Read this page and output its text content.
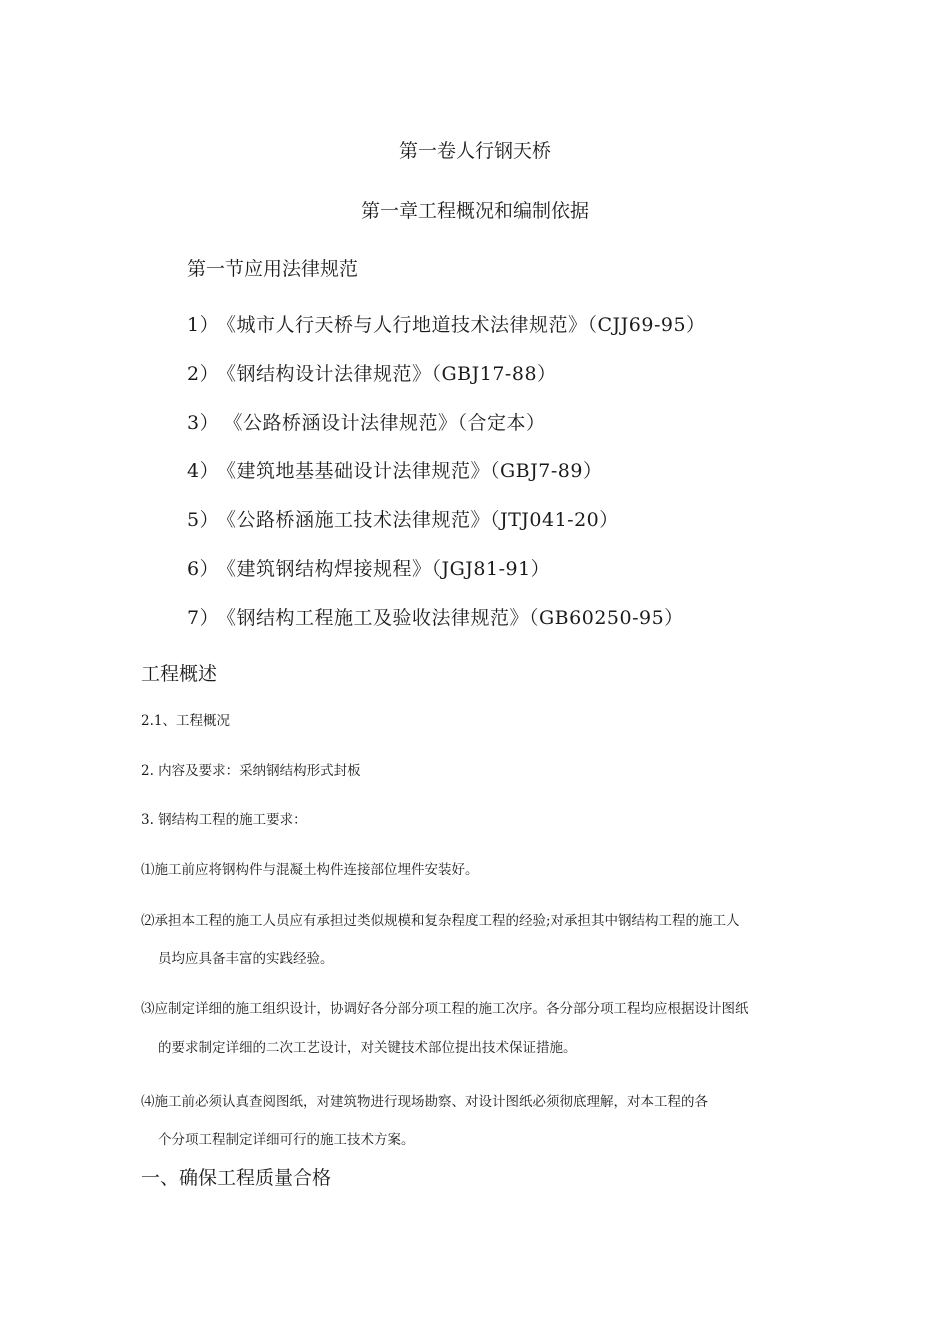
第一卷人行钢天桥
第一章工程概况和编制依据
第一节应用法律规范
1）《城市人行天桥与人行地道技术法律规范》（CJJ69-95）
2）《钢结构设计法律规范》（GBJ17-88）
3） 《公路桥涵设计法律规范》（合定本）
4）《建筑地基基础设计法律规范》（GBJ7-89）
5）《公路桥涵施工技术法律规范》（JTJ041-20）
6）《建筑钢结构焊接规程》（JGJ81-91）
7）《钢结构工程施工及验收法律规范》（GB60250-95）
工程概述
2.1、工程概况
2. 内容及要求：采纳钢结构形式封板
3. 钢结构工程的施工要求：
⑴施工前应将钢构件与混凝土构件连接部位埋件安装好。
⑵承担本工程的施工人员应有承担过类似规模和复杂程度工程的经验;对承担其中钢结构工程的施工人
员均应具备丰富的实践经验。
⑶应制定详细的施工组织设计，协调好各分部分项工程的施工次序。各分部分项工程均应根据设计图纸
的要求制定详细的二次工艺设计，对关键技术部位提出技术保证措施。
⑷施工前必须认真查阅图纸，对建筑物进行现场勘察、对设计图纸必须彻底理解，对本工程的各
个分项工程制定详细可行的施工技术方案。
一、确保工程质量合格
